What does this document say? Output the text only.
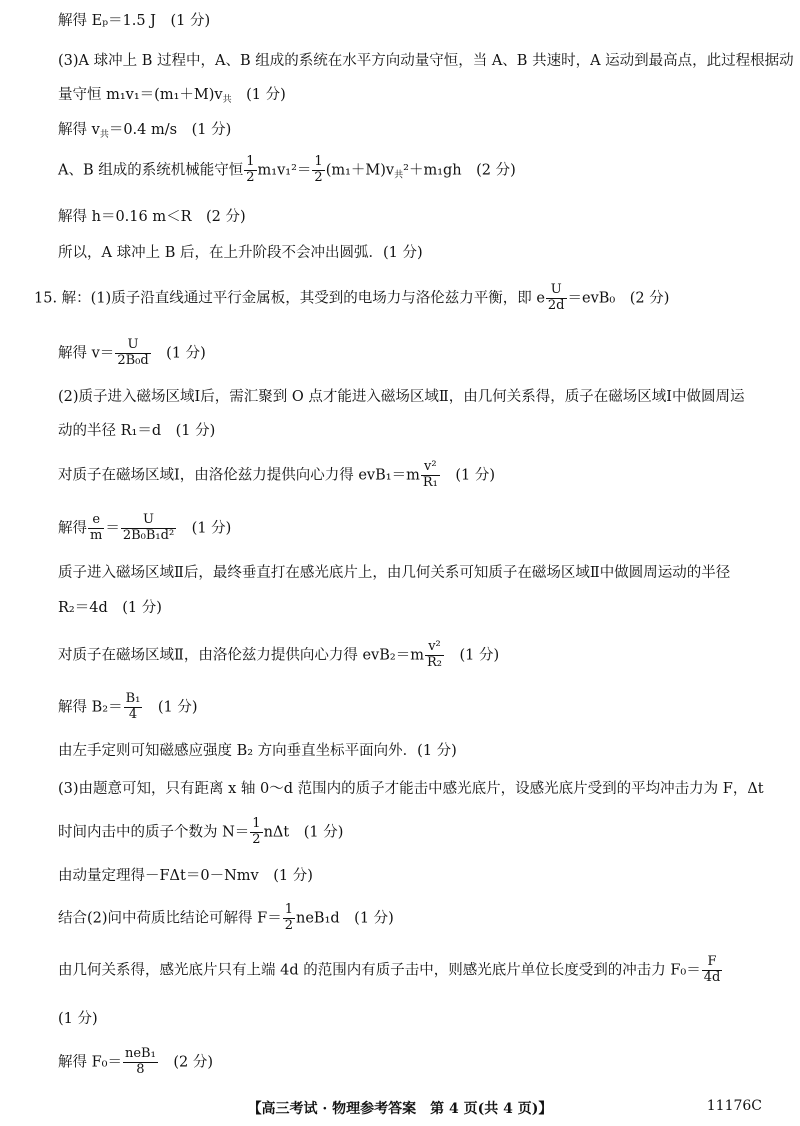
解得 Eₚ＝1.5 J　(1 分)
(3)A 球冲上 B 过程中，A、B 组成的系统在水平方向动量守恒，当 A、B 共速时，A 运动到最高点，此过程根据动
量守恒 $m_1v_1=(m_1+M)v_共$　(1 分)
解得 $v_共=0.4$ m/s　(1 分)
A、B 组成的系统机械能守恒 $\frac{1}{2} m_1v_1^2= \frac{1}{2} (m_1+M)v_共^2+m_1gh$　(2 分)
解得 h＝0.16 m＜R　(2 分)
所以，A 球冲上 B 后，在上升阶段不会冲出圆弧．(1 分)
15. 解：(1)质子沿直线通过平行金属板，其受到的电场力与洛伦兹力平衡，即 e $\frac{U}{2d} =evB_0$　(2 分)
解得 $v= \frac{U}{\text{2B₀d}}$ 　(1 分)
(2)质子进入磁场区域Ⅰ后，需汇聚到 O 点才能进入磁场区域Ⅱ，由几何关系得，质子在磁场区域Ⅰ中做圆周运
动的半径 R₁＝d　(1 分)
对质子在磁场区域Ⅰ，由洛伦兹力提供向心力得 $evB_1=m \frac{\text{v²}}{\text{R₁}}$ 　(1 分)
解得 $\frac{e}{m} = \frac{U}{\text{2B₀B₁d²}}$ 　(1 分)
质子进入磁场区域Ⅱ后，最终垂直打在感光底片上，由几何关系可知质子在磁场区域Ⅱ中做圆周运动的半径
R₂＝4d　(1 分)
对质子在磁场区域Ⅱ，由洛伦兹力提供向心力得 $evB_2=m \frac{\text{v²}}{\text{R₂}}$ 　(1 分)
解得 $B_2= \frac{\text{B₁}}{4}$ 　(1 分)
由左手定则可知磁感应强度 B₂ 方向垂直坐标平面向外．(1 分)
(3)由题意可知，只有距离 x 轴 0～d 范围内的质子才能击中感光底片，设感光底片受到的平均冲击力为 F，Δt
时间内击中的质子个数为 $N= \frac{1}{2}$ nΔt　(1 分)
由动量定理得－FΔt＝0－Nmv　(1 分)
结合(2)问中荷质比结论可解得 $F= \frac{1}{2} neB_1d$　(1 分)
由几何关系得，感光底片只有上端 4d 的范围内有质子击中，则感光底片单位长度受到的冲击力 $F_0= \frac{F}{4d}$
(1 分)
解得 F₀＝
neB₁
8 　(2 分)
【高三考试 · 物理参考答案　第 4 页(共 4 页)】	11176C
